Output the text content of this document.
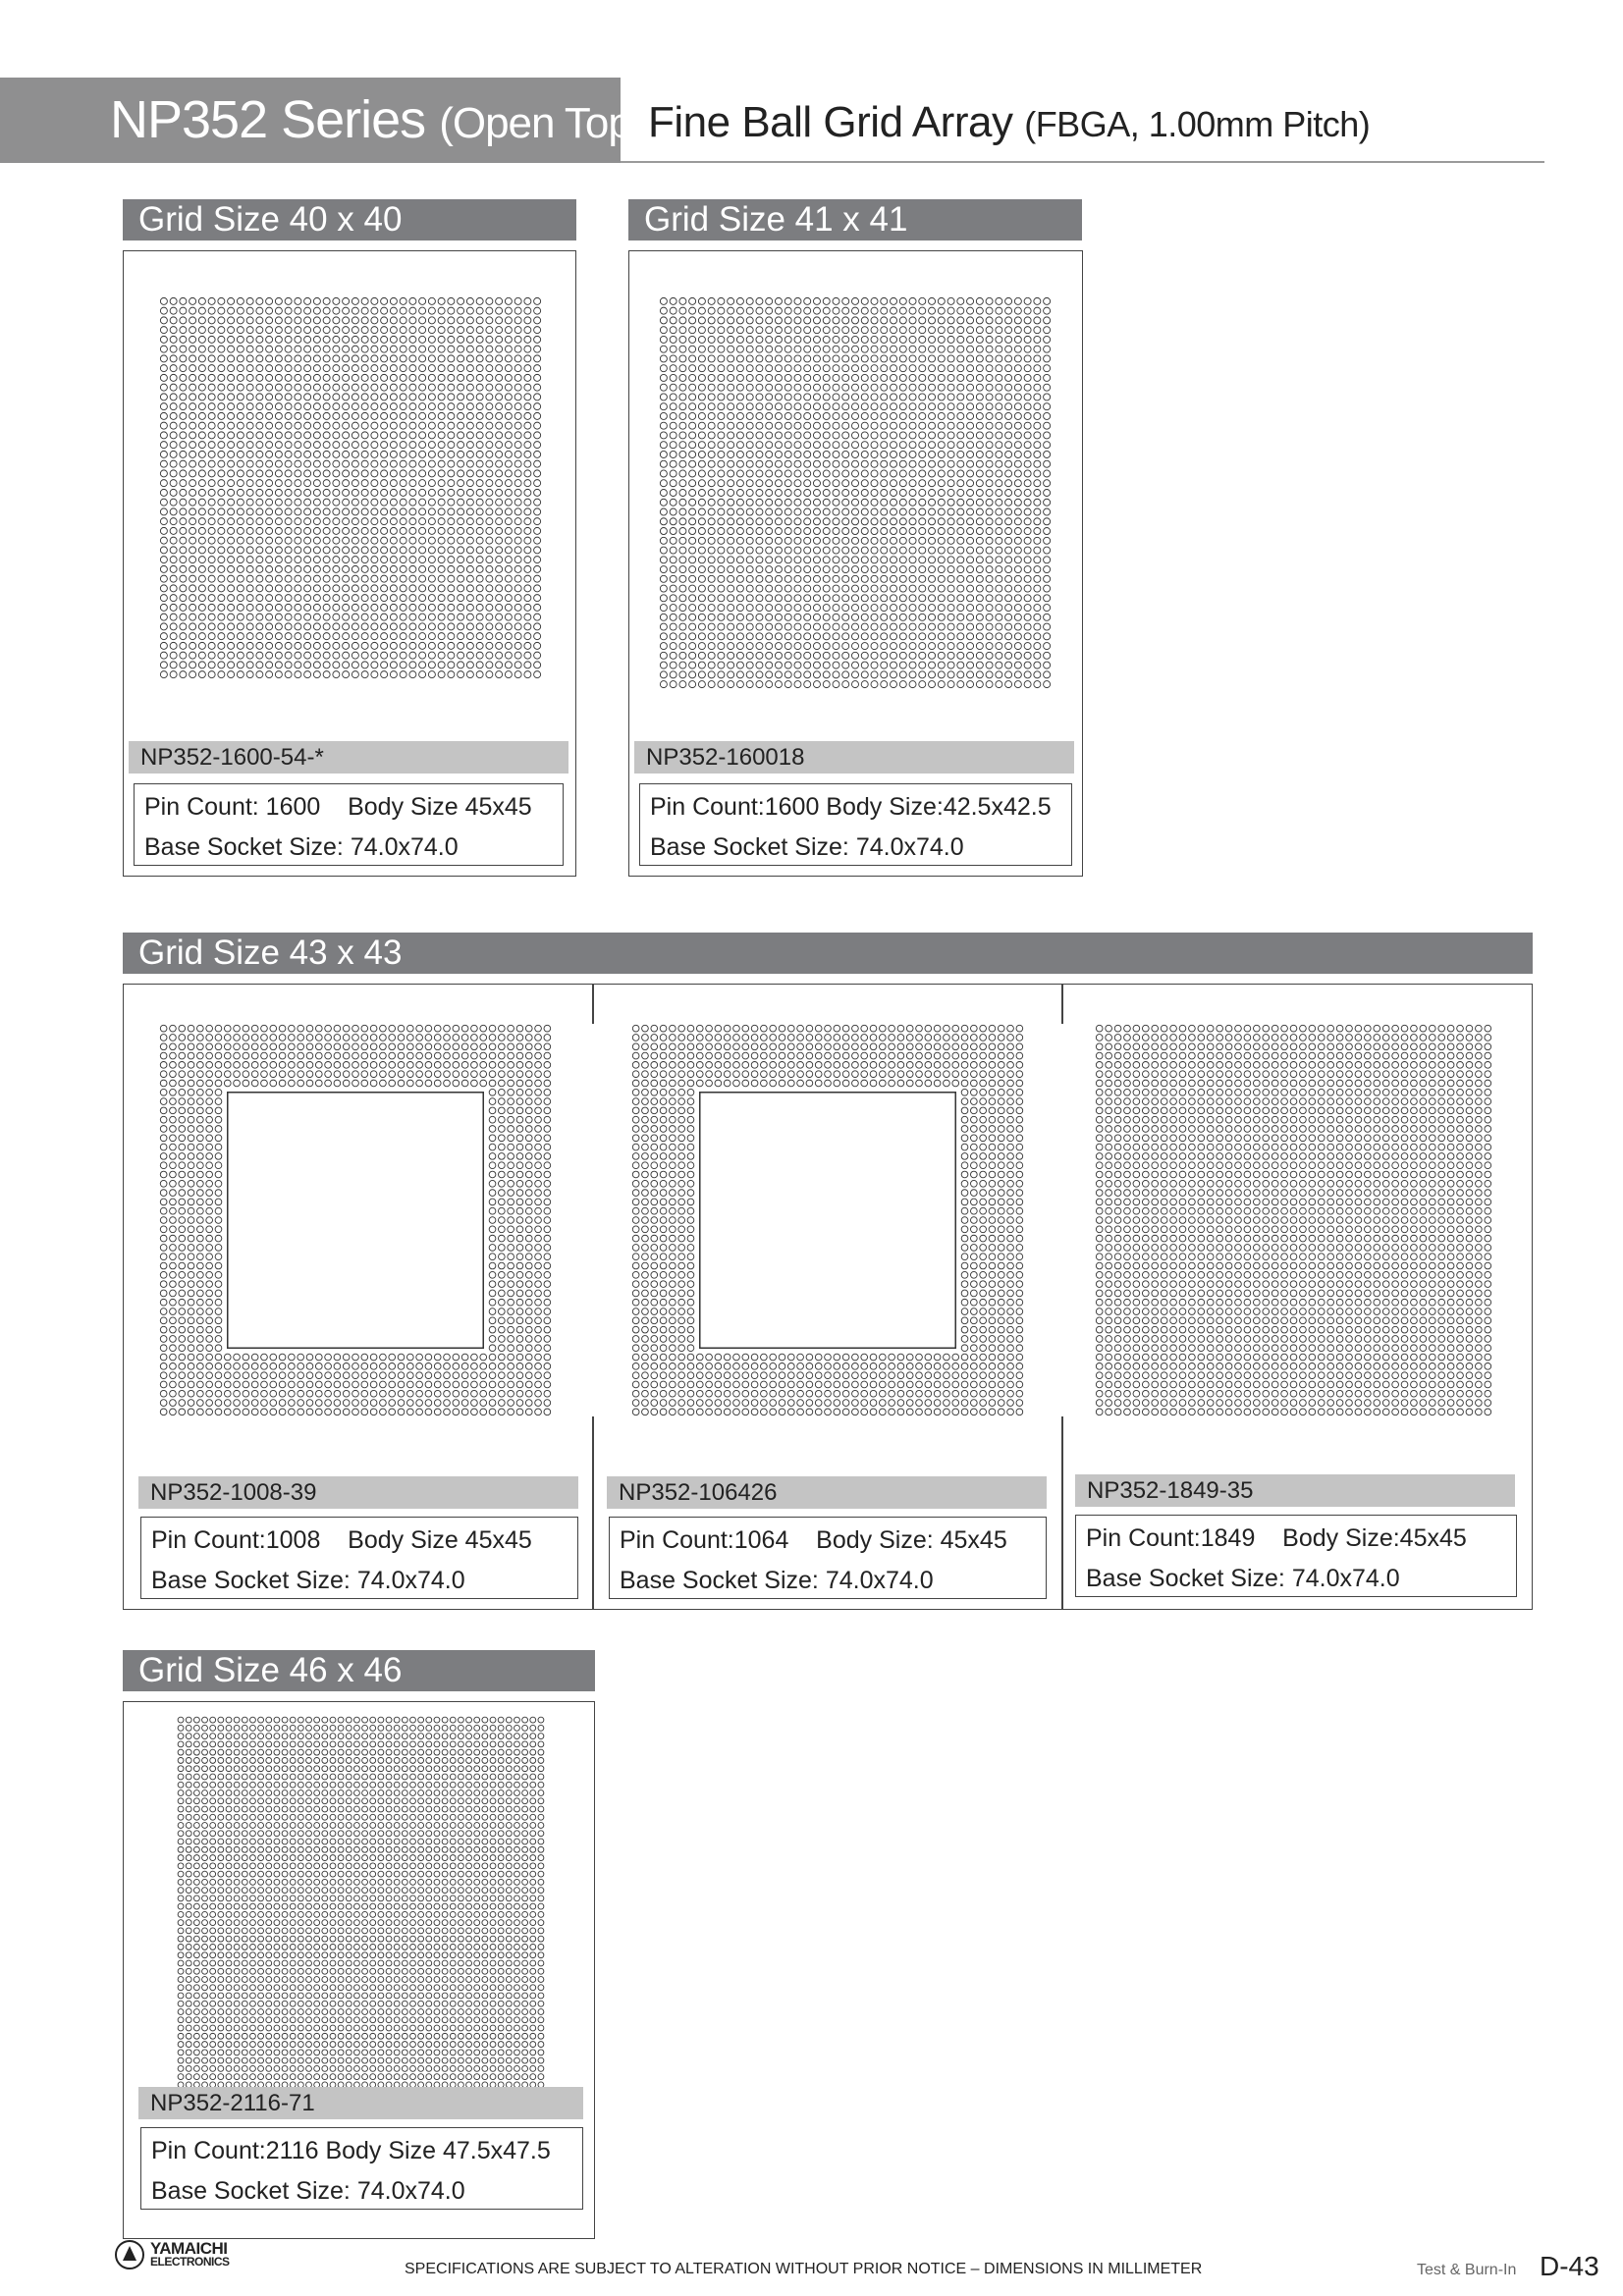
NP352 Series (Open Top) Fine Ball Grid Array (FBGA, 1.00mm Pitch)
Grid Size 40 x 40
NP352-1600-54-*
Pin Count: 1600 Body Size 45x45
Base Socket Size: 74.0x74.0
Grid Size 41 x 41
NP352-160018
Pin Count:1600 Body Size:42.5x42.5
Base Socket Size: 74.0x74.0
Grid Size 43 x 43
NP352-1008-39
Pin Count:1008 Body Size 45x45
Base Socket Size: 74.0x74.0
NP352-106426
Pin Count:1064 Body Size: 45x45
Base Socket Size: 74.0x74.0
NP352-1849-35
Pin Count:1849 Body Size:45x45
Base Socket Size: 74.0x74.0
Grid Size 46 x 46
NP352-2116-71
Pin Count:2116 Body Size 47.5x47.5
Base Socket Size: 74.0x74.0
YAMAICHI
ELECTRONICS	SPECIFICATIONS ARE SUBJECT TO ALTERATION WITHOUT PRIOR NOTICE – DIMENSIONS IN MILLIMETER	Test & Burn-In D-43
